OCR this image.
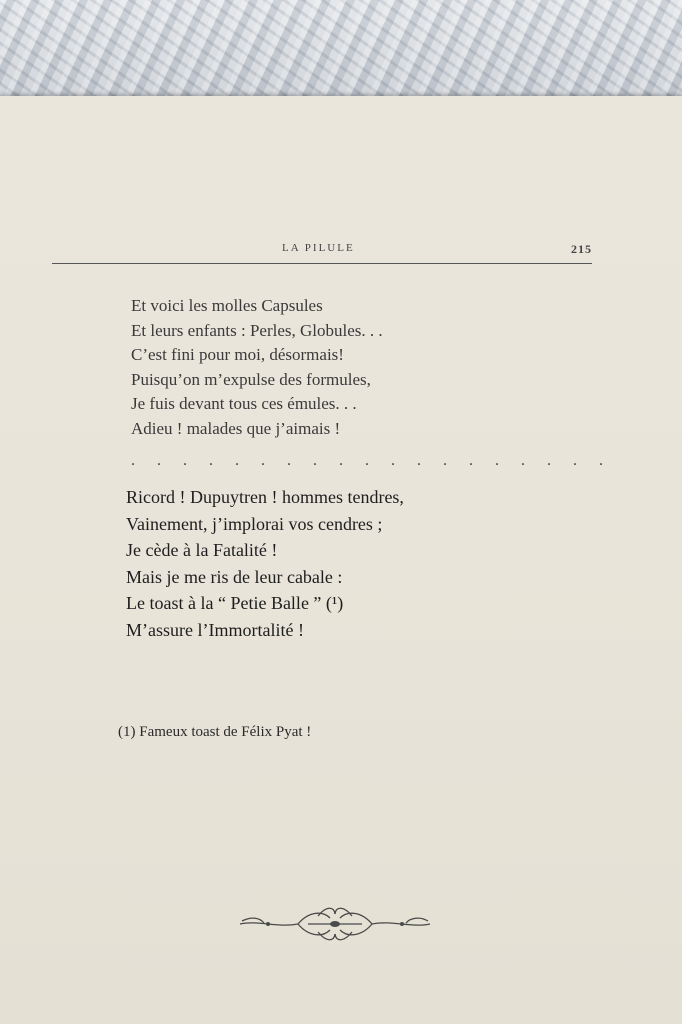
LA PILULE	215
Et voici les molles Capsules
Et leurs enfants : Perles, Globules. . .
C’est fini pour moi, désormais!
Puisqu’on m’expulse des formules,
Je fuis devant tous ces émules. . .
Adieu ! malades que j’aimais !
. . . . . . . . . . . . . . . . . . .
Ricord ! Dupuytren ! hommes tendres,
Vainement, j’implorai vos cendres ;
Je cède à la Fatalité !
Mais je me ris de leur cabale :
Le toast à la “ Petie Balle ” (¹)
M’assure l’Immortalité !
(1) Fameux toast de Félix Pyat !
